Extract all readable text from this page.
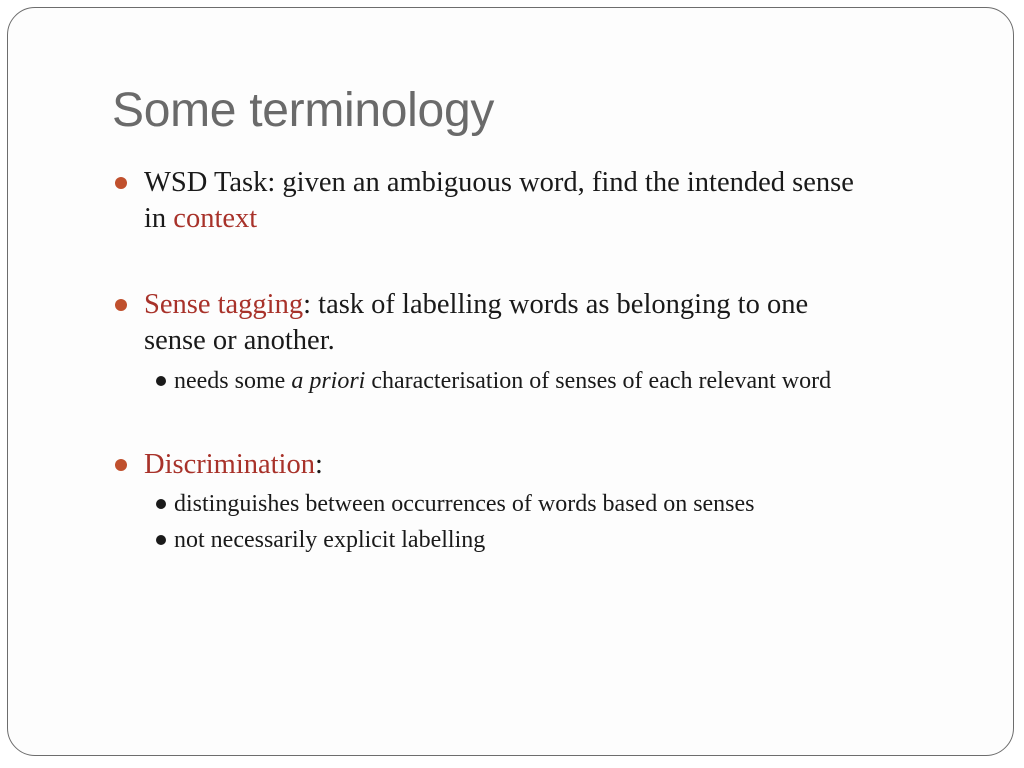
Some terminology
WSD Task: given an ambiguous word, find the intended sense
in context
Sense tagging: task of labelling words as belonging to one
sense or another.
needs some a priori characterisation of senses of each relevant word
Discrimination:
distinguishes between occurrences of words based on senses
not necessarily explicit labelling
